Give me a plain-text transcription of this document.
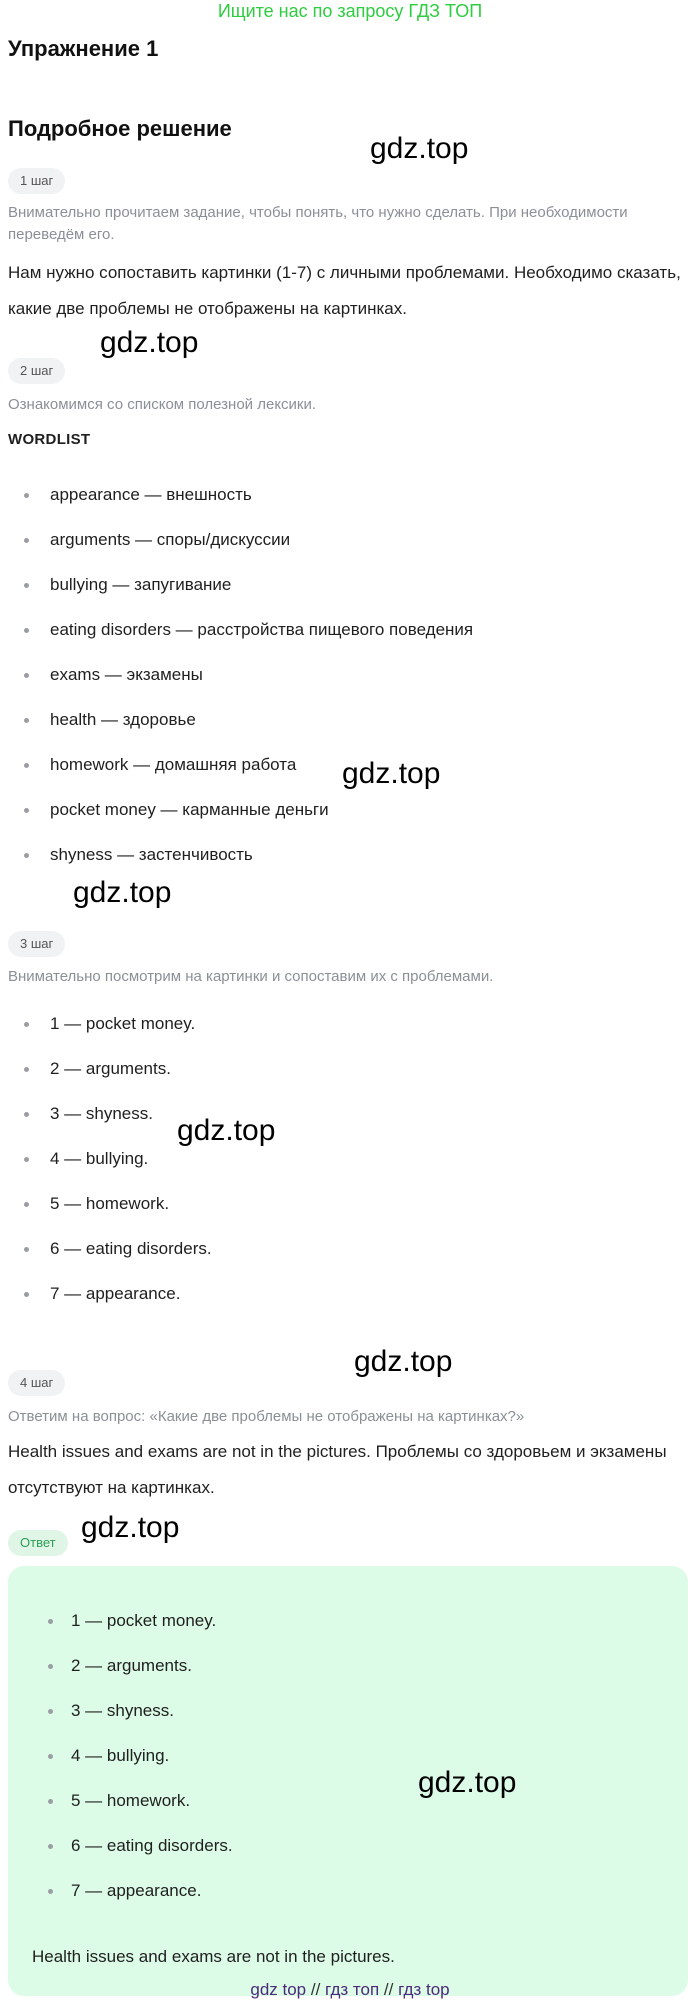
Ищите нас по запросу ГДЗ ТОП
Упражнение 1
Подробное решение
1 шаг

Внимательно прочитаем задание, чтобы понять, что нужно сделать. При необходимости переведём его.

Нам нужно сопоставить картинки (1-7) с личными проблемами. Необходимо сказать, какие две проблемы не отображены на картинках.

2 шаг

Ознакомимся со списком полезной лексики.

WORDLIST

appearance — внешность
arguments — споры/дискуссии
bullying — запугивание
eating disorders — расстройства пищевого поведения
exams — экзамены
health — здоровье
homework — домашняя работа
pocket money — карманные деньги
shyness — застенчивость
3 шаг

Внимательно посмотрим на картинки и сопоставим их с проблемами.

1 — pocket money.
2 — arguments.
3 — shyness.
4 — bullying.
5 — homework.
6 — eating disorders.
7 — appearance.
4 шаг

Ответим на вопрос: «Какие две проблемы не отображены на картинках?»

Health issues and exams are not in the pictures. Проблемы со здоровьем и экзамены отсутствуют на картинках.

Ответ
1 — pocket money.
2 — arguments.
3 — shyness.
4 — bullying.
5 — homework.
6 — eating disorders.
7 — appearance.

Health issues and exams are not in the pictures.

gdz.top
gdz.top
gdz.top
gdz.top
gdz.top
gdz.top
gdz.top
gdz.top
gdz top // гдз топ // гдз top
